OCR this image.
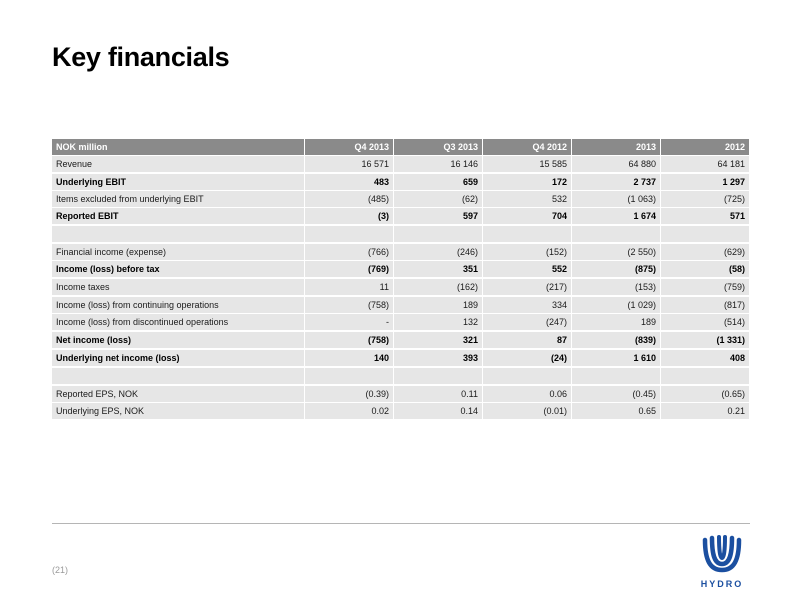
Key financials
NOK million	Q4 2013	Q3 2013	Q4 2012	2013	2012
Revenue	16 571	16 146	15 585	64 880	64 181
Underlying EBIT	483	659	172	2 737	1 297
Items excluded from underlying EBIT	(485)	(62)	532	(1 063)	(725)
Reported EBIT	(3)	597	704	1 674	571

Financial income (expense)	(766)	(246)	(152)	(2 550)	(629)
Income (loss) before tax	(769)	351	552	(875)	(58)
Income taxes	11	(162)	(217)	(153)	(759)
Income (loss) from continuing operations	(758)	189	334	(1 029)	(817)
Income (loss) from discontinued operations	-	132	(247)	189	(514)
Net income (loss)	(758)	321	87	(839)	(1 331)
Underlying net income (loss)	140	393	(24)	1 610	408

Reported EPS, NOK	(0.39)	0.11	0.06	(0.45)	(0.65)
Underlying EPS, NOK	0.02	0.14	(0.01)	0.65	0.21
(21)
HYDRO
